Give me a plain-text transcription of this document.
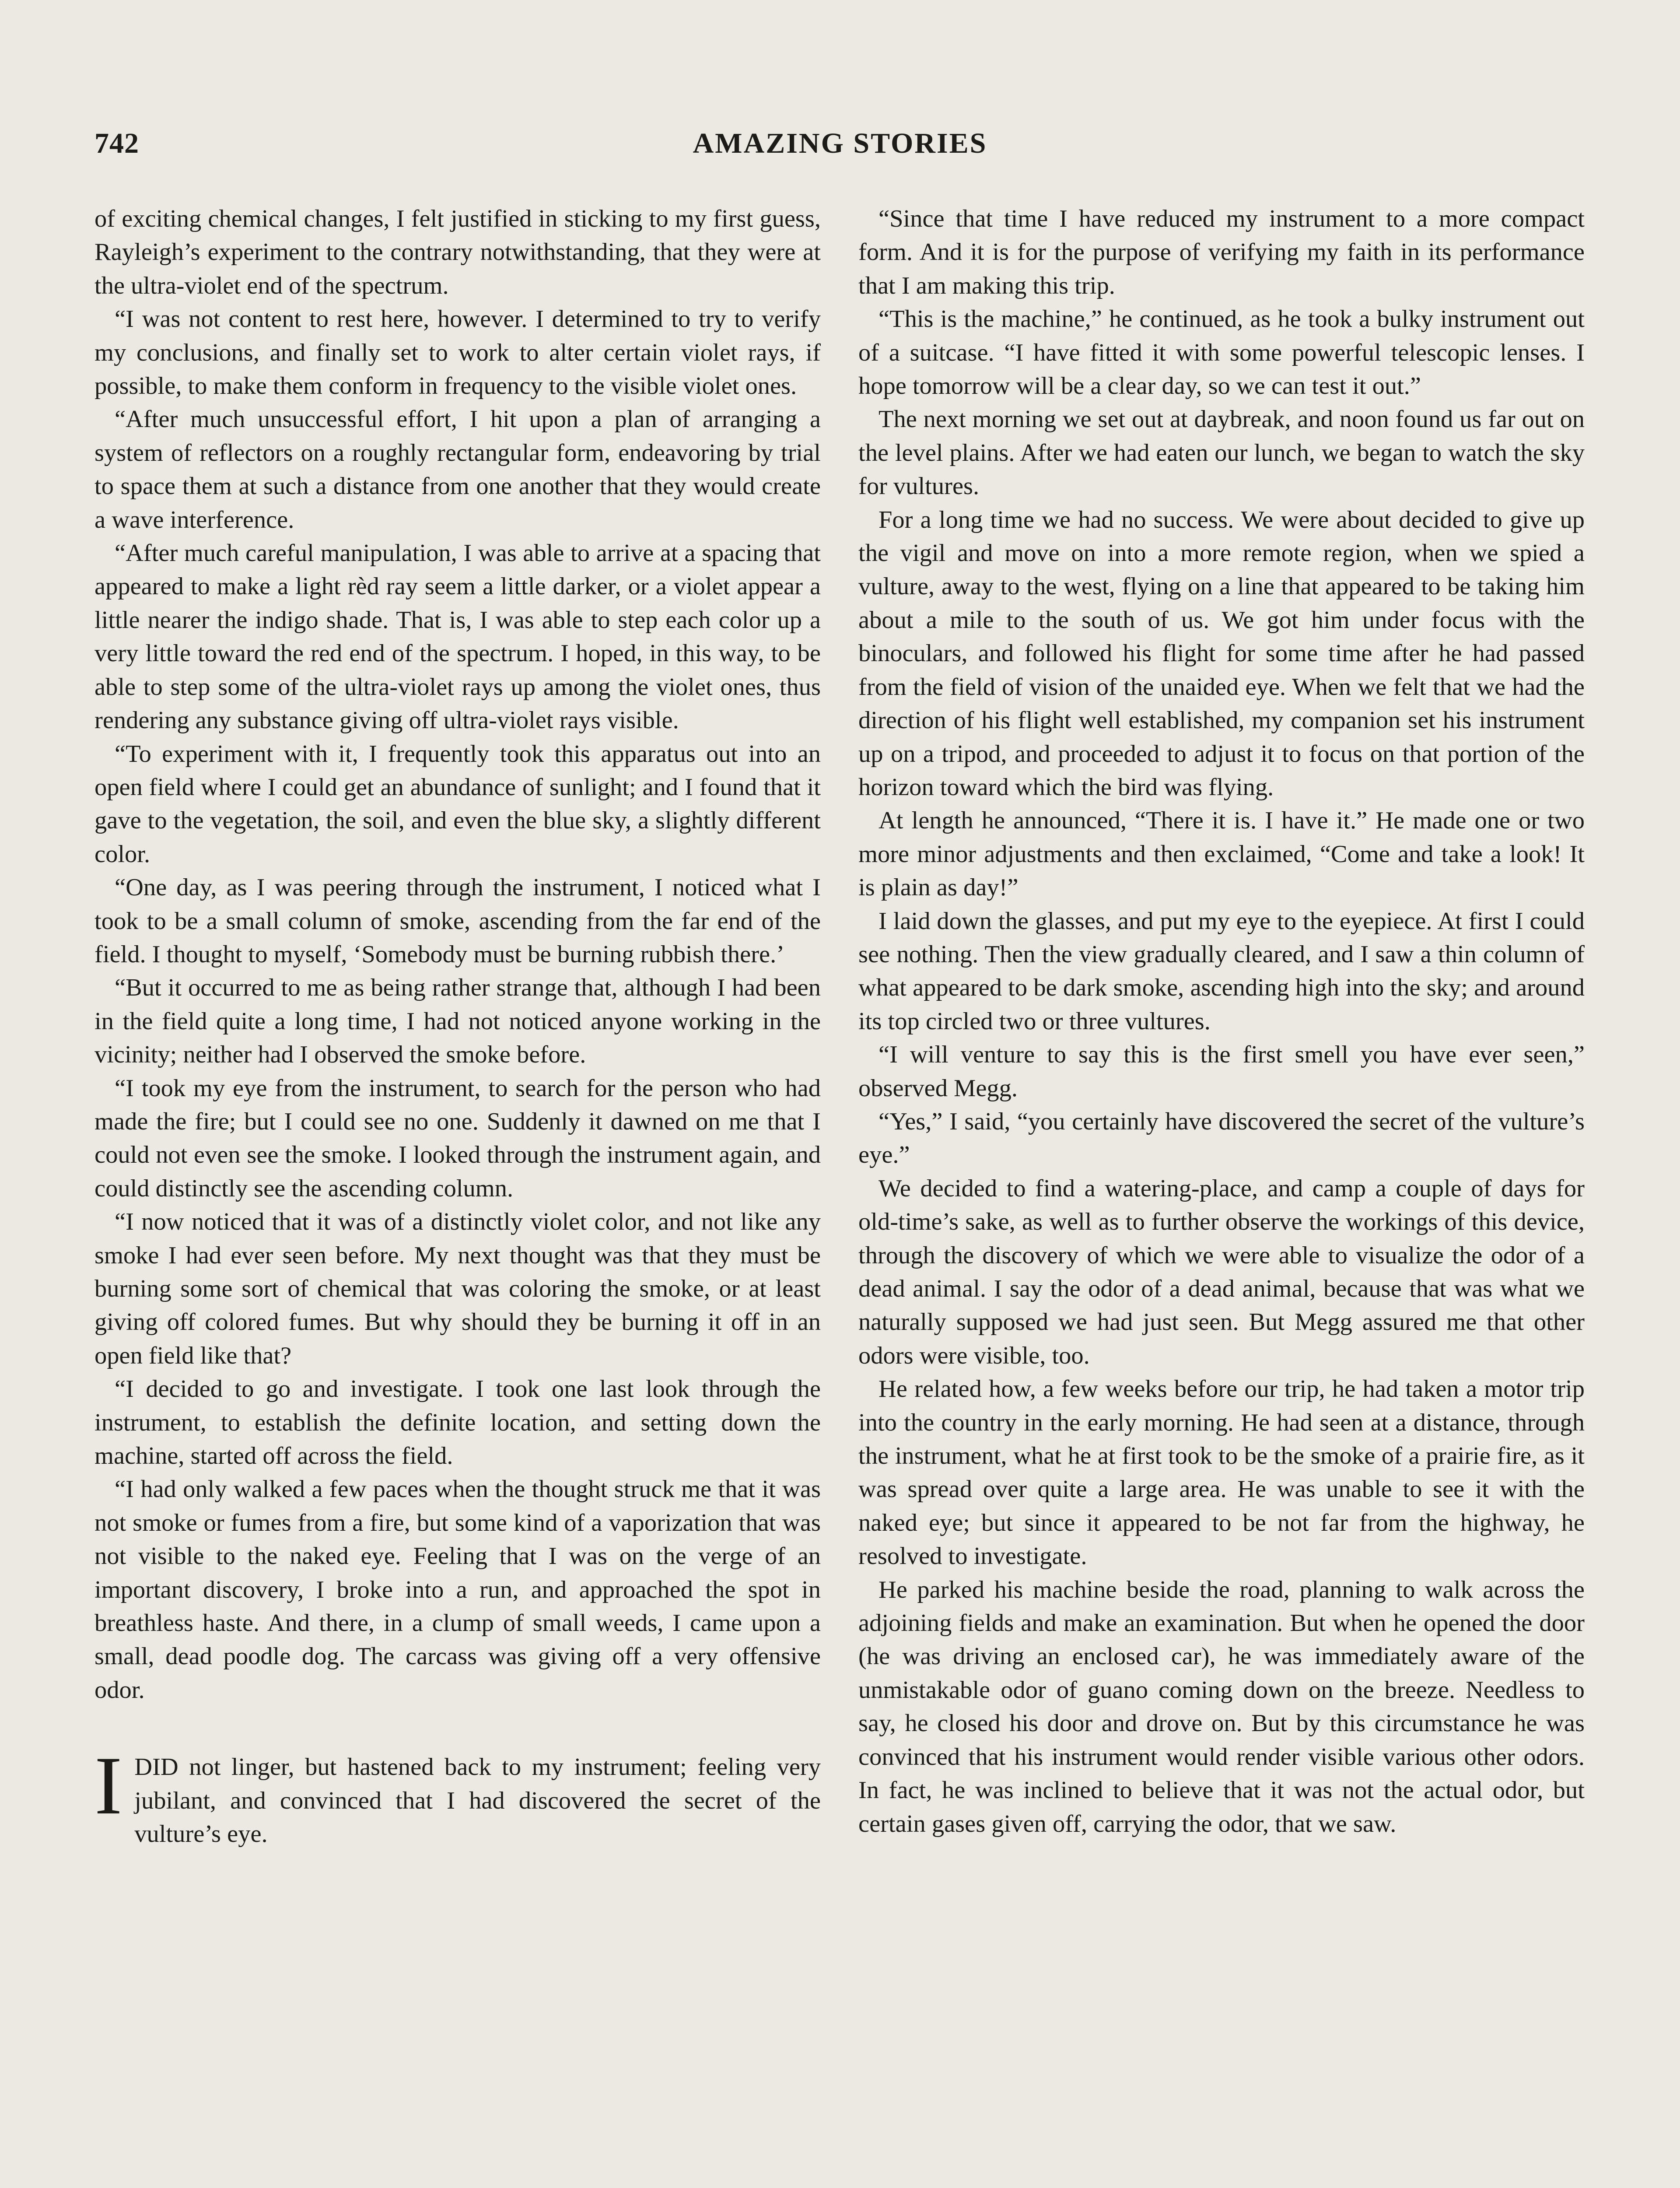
742	AMAZING STORIES

of exciting chemical changes, I felt justified in sticking to my first guess, Rayleigh’s experiment to the contrary notwithstanding, that they were at the ultra-violet end of the spectrum.

“I was not content to rest here, however. I determined to try to verify my conclusions, and finally set to work to alter certain violet rays, if possible, to make them conform in frequency to the visible violet ones.

“After much unsuccessful effort, I hit upon a plan of arranging a system of reflectors on a roughly rectangular form, endeavoring by trial to space them at such a distance from one another that they would create a wave interference.

“After much careful manipulation, I was able to arrive at a spacing that appeared to make a light rèd ray seem a little darker, or a violet appear a little nearer the indigo shade. That is, I was able to step each color up a very little toward the red end of the spectrum. I hoped, in this way, to be able to step some of the ultra-violet rays up among the violet ones, thus rendering any substance giving off ultra-violet rays visible.

“To experiment with it, I frequently took this apparatus out into an open field where I could get an abundance of sunlight; and I found that it gave to the vegetation, the soil, and even the blue sky, a slightly different color.

“One day, as I was peering through the instrument, I noticed what I took to be a small column of smoke, ascending from the far end of the field. I thought to myself, ‘Somebody must be burning rubbish there.’

“But it occurred to me as being rather strange that, although I had been in the field quite a long time, I had not noticed anyone working in the vicinity; neither had I observed the smoke before.

“I took my eye from the instrument, to search for the person who had made the fire; but I could see no one. Suddenly it dawned on me that I could not even see the smoke. I looked through the instrument again, and could distinctly see the ascending column.

“I now noticed that it was of a distinctly violet color, and not like any smoke I had ever seen before. My next thought was that they must be burning some sort of chemical that was coloring the smoke, or at least giving off colored fumes. But why should they be burning it off in an open field like that?

“I decided to go and investigate. I took one last look through the instrument, to establish the definite location, and setting down the machine, started off across the field.

“I had only walked a few paces when the thought struck me that it was not smoke or fumes from a fire, but some kind of a vaporization that was not visible to the naked eye. Feeling that I was on the verge of an important discovery, I broke into a run, and approached the spot in breathless haste. And there, in a clump of small weeds, I came upon a small, dead poodle dog. The carcass was giving off a very offensive odor.

IDID not linger, but hastened back to my instrument; feeling very jubilant, and convinced that I had discovered the secret of the vulture’s eye.

“Since that time I have reduced my instrument to a more compact form. And it is for the purpose of verifying my faith in its performance that I am making this trip.

“This is the machine,” he continued, as he took a bulky instrument out of a suitcase. “I have fitted it with some powerful telescopic lenses. I hope tomorrow will be a clear day, so we can test it out.”

The next morning we set out at daybreak, and noon found us far out on the level plains. After we had eaten our lunch, we began to watch the sky for vultures.

For a long time we had no success. We were about decided to give up the vigil and move on into a more remote region, when we spied a vulture, away to the west, flying on a line that appeared to be taking him about a mile to the south of us. We got him under focus with the binoculars, and followed his flight for some time after he had passed from the field of vision of the unaided eye. When we felt that we had the direction of his flight well established, my companion set his instrument up on a tripod, and proceeded to adjust it to focus on that portion of the horizon toward which the bird was flying.

At length he announced, “There it is. I have it.” He made one or two more minor adjustments and then exclaimed, “Come and take a look! It is plain as day!”

I laid down the glasses, and put my eye to the eyepiece. At first I could see nothing. Then the view gradually cleared, and I saw a thin column of what appeared to be dark smoke, ascending high into the sky; and around its top circled two or three vultures.

“I will venture to say this is the first smell you have ever seen,” observed Megg.

“Yes,” I said, “you certainly have discovered the secret of the vulture’s eye.”

We decided to find a watering-place, and camp a couple of days for old-time’s sake, as well as to further observe the workings of this device, through the discovery of which we were able to visualize the odor of a dead animal. I say the odor of a dead animal, because that was what we naturally supposed we had just seen. But Megg assured me that other odors were visible, too.

He related how, a few weeks before our trip, he had taken a motor trip into the country in the early morning. He had seen at a distance, through the instrument, what he at first took to be the smoke of a prairie fire, as it was spread over quite a large area. He was unable to see it with the naked eye; but since it appeared to be not far from the highway, he resolved to investigate.

He parked his machine beside the road, planning to walk across the adjoining fields and make an examination. But when he opened the door (he was driving an enclosed car), he was immediately aware of the unmistakable odor of guano coming down on the breeze. Needless to say, he closed his door and drove on. But by this circumstance he was convinced that his instrument would render visible various other odors. In fact, he was inclined to believe that it was not the actual odor, but certain gases given off, carrying the odor, that we saw.
